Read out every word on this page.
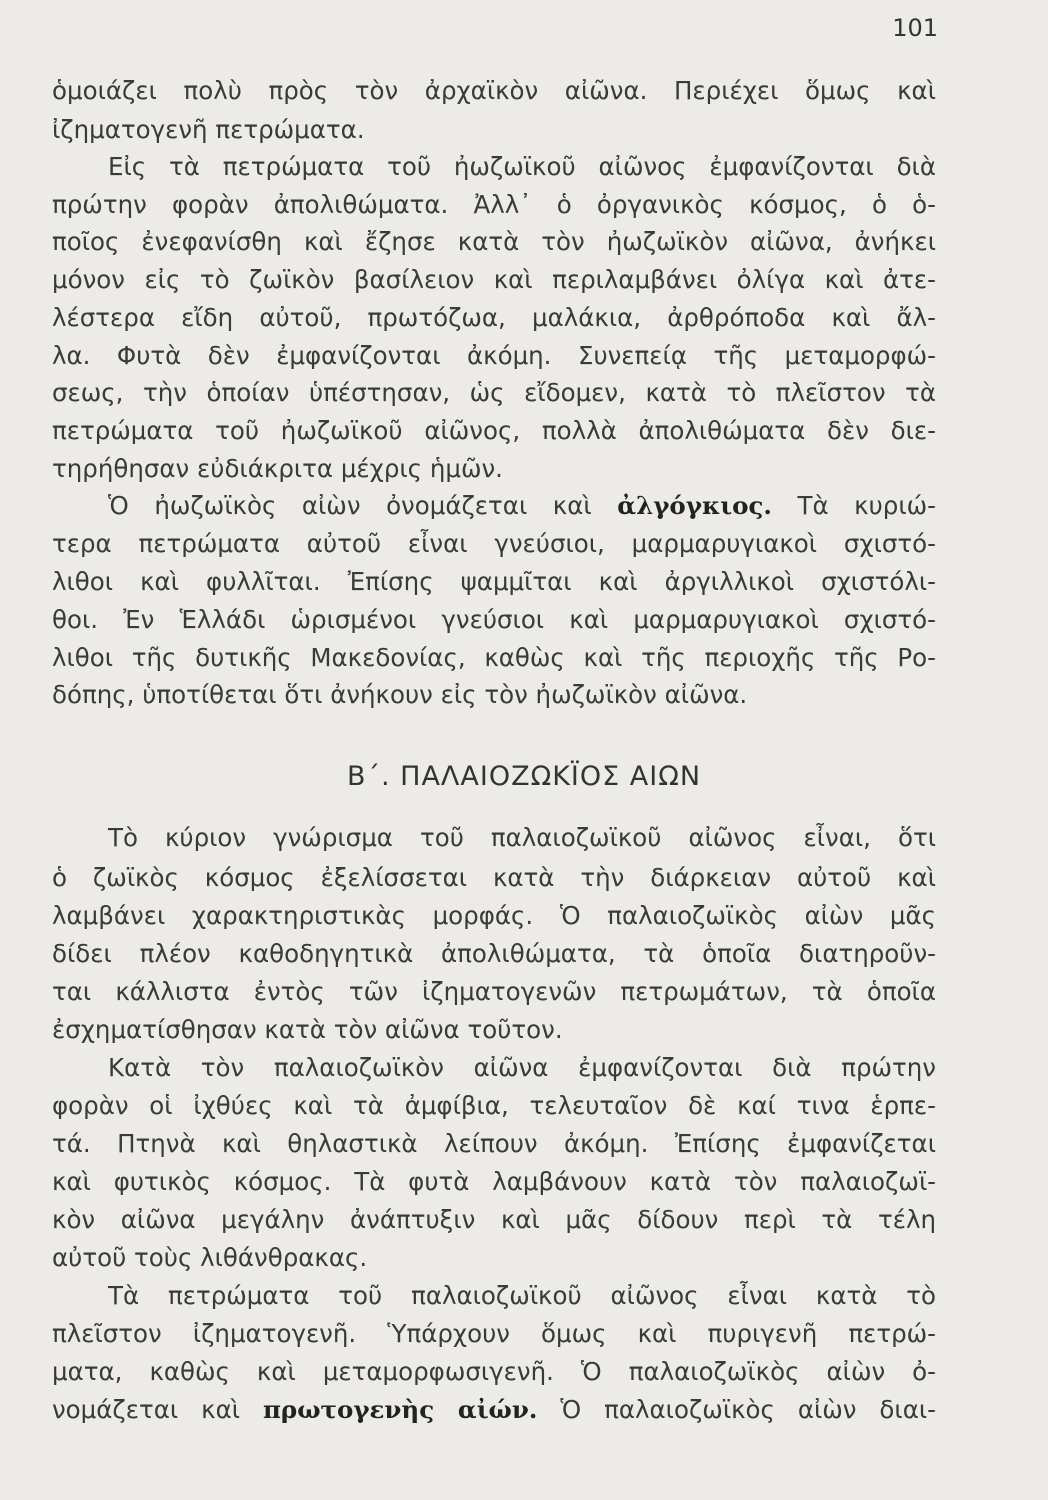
101
ὁμοιάζει πολὺ πρὸς τὸν ἀρχαϊκὸν αἰῶνα. Περιέχει ὅμως καὶ
ἰζηματογενῆ πετρώματα.
Εἰς τὰ πετρώματα τοῦ ἠωζωϊκοῦ αἰῶνος ἐμφανίζονται διὰ
πρώτην φορὰν ἀπολιθώματα. Ἀλλ᾽ ὁ ὀργανικὸς κόσμος, ὁ ὁ-
ποῖος ἐνεφανίσθη καὶ ἔζησε κατὰ τὸν ἠωζωϊκὸν αἰῶνα, ἀνήκει
μόνον εἰς τὸ ζωϊκὸν βασίλειον καὶ περιλαμβάνει ὀλίγα καὶ ἀτε-
λέστερα εἴδη αὐτοῦ, πρωτόζωα, μαλάκια, ἀρθρόποδα καὶ ἄλ-
λα. Φυτὰ δὲν ἐμφανίζονται ἀκόμη. Συνεπείᾳ τῆς μεταμορφώ-
σεως, τὴν ὁποίαν ὑπέστησαν, ὡς εἴδομεν, κατὰ τὸ πλεῖστον τὰ
πετρώματα τοῦ ἠωζωϊκοῦ αἰῶνος, πολλὰ ἀπολιθώματα δὲν διε-
τηρήθησαν εὐδιάκριτα μέχρις ἡμῶν.
Ὁ ἠωζωϊκὸς αἰὼν ὀνομάζεται καὶ ἀλγόγκιος. Τὰ κυριώ-
τερα πετρώματα αὐτοῦ εἶναι γνεύσιοι, μαρμαρυγιακοὶ σχιστό-
λιθοι καὶ φυλλῖται. Ἐπίσης ψαμμῖται καὶ ἀργιλλικοὶ σχιστόλι-
θοι. Ἐν Ἑλλάδι ὡρισμένοι γνεύσιοι καὶ μαρμαρυγιακοὶ σχιστό-
λιθοι τῆς δυτικῆς Μακεδονίας, καθὼς καὶ τῆς περιοχῆς τῆς Ρο-
δόπης, ὑποτίθεται ὅτι ἀνήκουν εἰς τὸν ἠωζωϊκὸν αἰῶνα.
Β΄. ΠΑΛΑΙΟΖΩΚΪΟΣ ΑΙΩΝ
Τὸ κύριον γνώρισμα τοῦ παλαιοζωϊκοῦ αἰῶνος εἶναι, ὅτι
ὁ ζωϊκὸς κόσμος ἐξελίσσεται κατὰ τὴν διάρκειαν αὐτοῦ καὶ
λαμβάνει χαρακτηριστικὰς μορφάς. Ὁ παλαιοζωϊκὸς αἰὼν μᾶς
δίδει πλέον καθοδηγητικὰ ἀπολιθώματα, τὰ ὁποῖα διατηροῦν-
ται κάλλιστα ἐντὸς τῶν ἰζηματογενῶν πετρωμάτων, τὰ ὁποῖα
ἐσχηματίσθησαν κατὰ τὸν αἰῶνα τοῦτον.
Κατὰ τὸν παλαιοζωϊκὸν αἰῶνα ἐμφανίζονται διὰ πρώτην
φορὰν οἱ ἰχθύες καὶ τὰ ἀμφίβια, τελευταῖον δὲ καί τινα ἑρπε-
τά. Πτηνὰ καὶ θηλαστικὰ λείπουν ἀκόμη. Ἐπίσης ἐμφανίζεται
καὶ φυτικὸς κόσμος. Τὰ φυτὰ λαμβάνουν κατὰ τὸν παλαιοζωϊ-
κὸν αἰῶνα μεγάλην ἀνάπτυξιν καὶ μᾶς δίδουν περὶ τὰ τέλη
αὐτοῦ τοὺς λιθάνθρακας.
Τὰ πετρώματα τοῦ παλαιοζωϊκοῦ αἰῶνος εἶναι κατὰ τὸ
πλεῖστον ἰζηματογενῆ. Ὑπάρχουν ὅμως καὶ πυριγενῆ πετρώ-
ματα, καθὼς καὶ μεταμορφωσιγενῆ. Ὁ παλαιοζωϊκὸς αἰὼν ὀ-
νομάζεται καὶ πρωτογενὴς αἰών. Ὁ παλαιοζωϊκὸς αἰὼν διαι-
